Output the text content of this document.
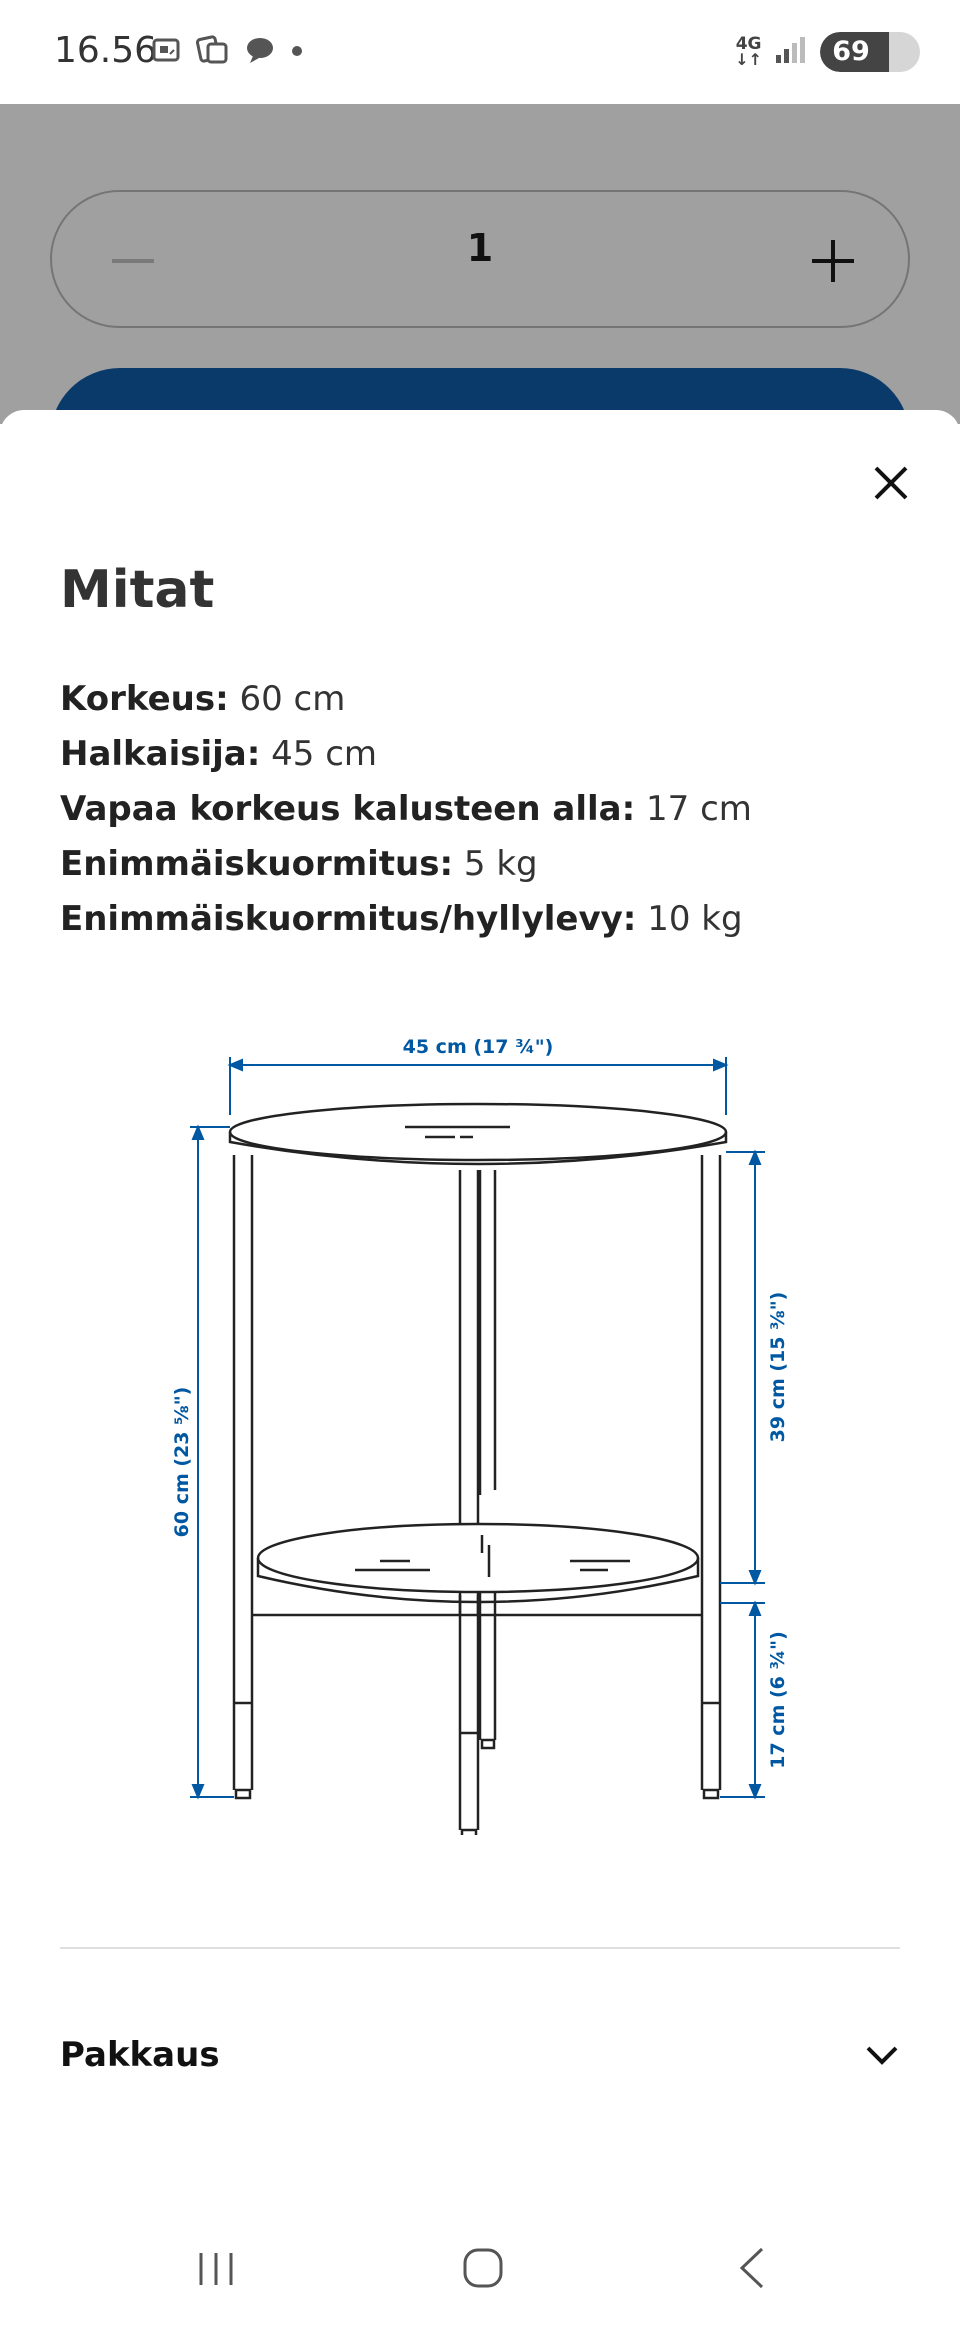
16.56	4G
↓↑	69
1
Mitat
Korkeus: 60 cm
Halkaisija: 45 cm
Vapaa korkeus kalusteen alla: 17 cm
Enimmäiskuormitus: 5 kg
Enimmäiskuormitus/hyllylevy: 10 kg
45 cm (17 ¾")
60 cm (23 ⅝")
39 cm (15 ⅜")
17 cm (6 ¾")
Pakkaus
